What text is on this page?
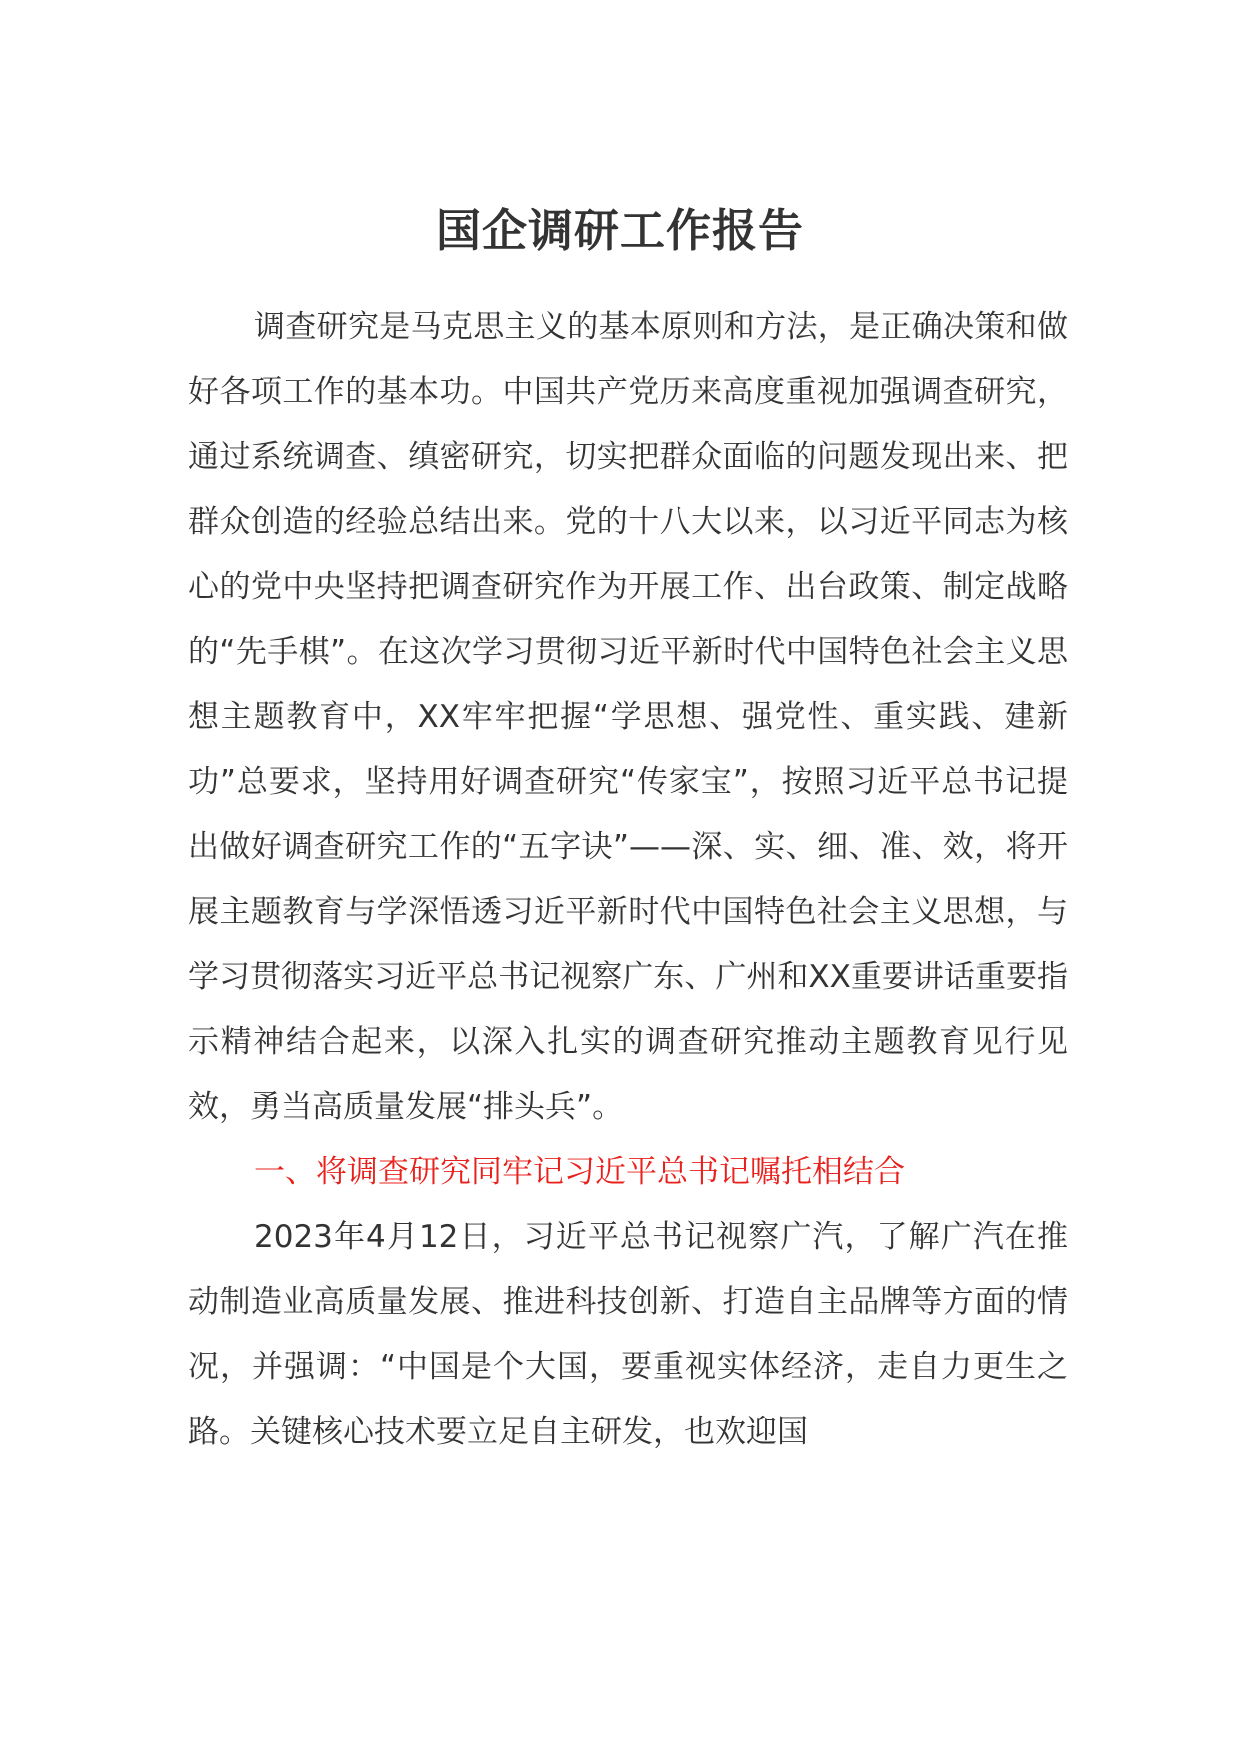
国企调研工作报告

调查研究是马克思主义的基本原则和方法，是正确决策和做好各项工作的基本功。中国共产党历来高度重视加强调查研究，通过系统调查、缜密研究，切实把群众面临的问题发现出来、把群众创造的经验总结出来。党的十八大以来，以习近平同志为核心的党中央坚持把调查研究作为开展工作、出台政策、制定战略的“先手棋”。在这次学习贯彻习近平新时代中国特色社会主义思想主题教育中，XX牢牢把握“学思想、强党性、重实践、建新功”总要求，坚持用好调查研究“传家宝”，按照习近平总书记提出做好调查研究工作的“五字诀”——深、实、细、准、效，将开展主题教育与学深悟透习近平新时代中国特色社会主义思想，与学习贯彻落实习近平总书记视察广东、广州和XX重要讲话重要指示精神结合起来，以深入扎实的调查研究推动主题教育见行见效，勇当高质量发展“排头兵”。

一、将调查研究同牢记习近平总书记嘱托相结合

2023年4月12日，习近平总书记视察广汽，了解广汽在推动制造业高质量发展、推进科技创新、打造自主品牌等方面的情况，并强调：“中国是个大国，要重视实体经济，走自力更生之路。关键核心技术要立足自主研发，也欢迎国
